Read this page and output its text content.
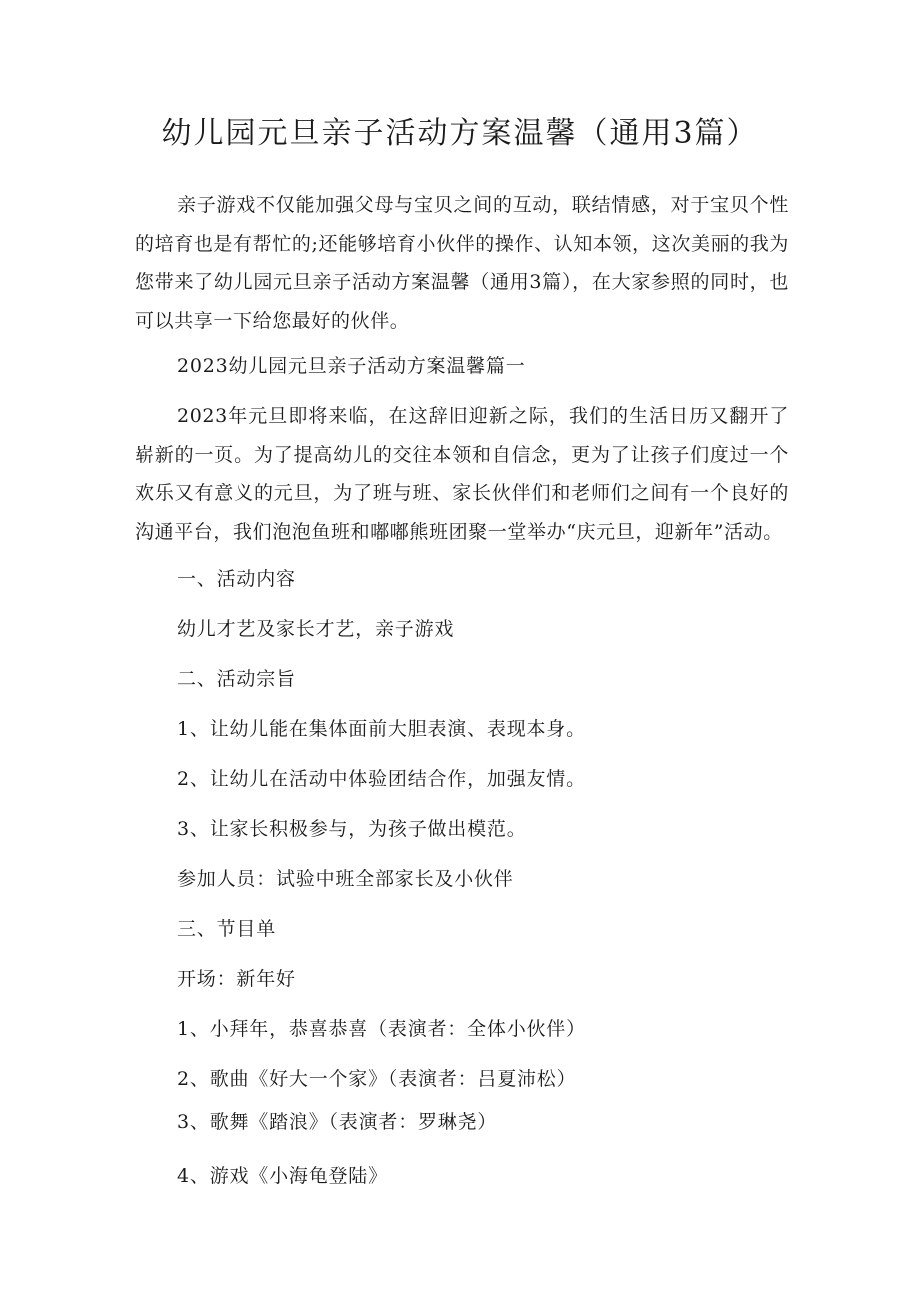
幼儿园元旦亲子活动方案温馨（通用3篇）

亲子游戏不仅能加强父母与宝贝之间的互动，联结情感，对于宝贝个性的培育也是有帮忙的;还能够培育小伙伴的操作、认知本领，这次美丽的我为您带来了幼儿园元旦亲子活动方案温馨（通用3篇），在大家参照的同时，也可以共享一下给您最好的伙伴。

2023幼儿园元旦亲子活动方案温馨篇一

2023年元旦即将来临，在这辞旧迎新之际，我们的生活日历又翻开了崭新的一页。为了提高幼儿的交往本领和自信念，更为了让孩子们度过一个欢乐又有意义的元旦，为了班与班、家长伙伴们和老师们之间有一个良好的沟通平台，我们泡泡鱼班和嘟嘟熊班团聚一堂举办“庆元旦，迎新年”活动。

一、活动内容

幼儿才艺及家长才艺，亲子游戏

二、活动宗旨

1、让幼儿能在集体面前大胆表演、表现本身。

2、让幼儿在活动中体验团结合作，加强友情。

3、让家长积极参与，为孩子做出模范。

参加人员：试验中班全部家长及小伙伴

三、节目单

开场：新年好

1、小拜年，恭喜恭喜（表演者：全体小伙伴）

2、歌曲《好大一个家》（表演者：吕夏沛松）

3、歌舞《踏浪》（表演者：罗琳尧）

4、游戏《小海龟登陆》
